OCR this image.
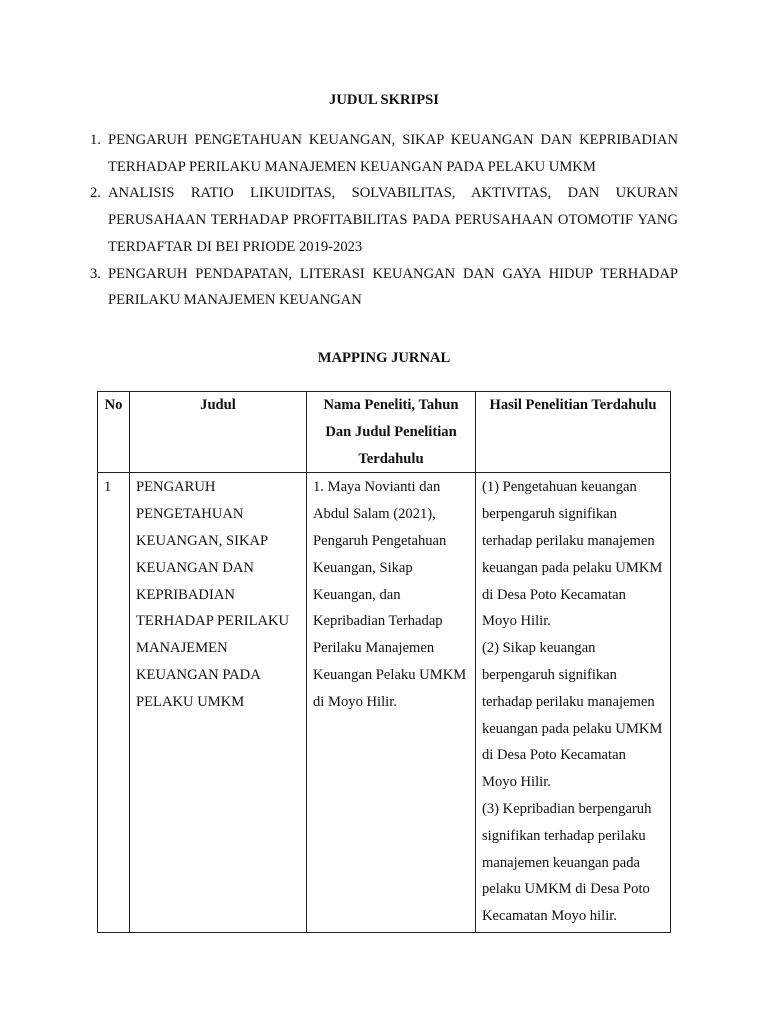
JUDUL SKRIPSI
1. PENGARUH PENGETAHUAN KEUANGAN, SIKAP KEUANGAN DAN KEPRIBADIAN TERHADAP PERILAKU MANAJEMEN KEUANGAN PADA PELAKU UMKM
2. ANALISIS RATIO LIKUIDITAS, SOLVABILITAS, AKTIVITAS, DAN UKURAN PERUSAHAAN TERHADAP PROFITABILITAS PADA PERUSAHAAN OTOMOTIF YANG TERDAFTAR DI BEI PRIODE 2019-2023
3. PENGARUH PENDAPATAN, LITERASI KEUANGAN DAN GAYA HIDUP TERHADAP PERILAKU MANAJEMEN KEUANGAN
MAPPING JURNAL
No	Judul	Nama Peneliti, Tahun Dan Judul Penelitian Terdahulu	Hasil Penelitian Terdahulu
1	PENGARUH PENGETAHUAN KEUANGAN, SIKAP KEUANGAN DAN KEPRIBADIAN TERHADAP PERILAKU MANAJEMEN KEUANGAN PADA PELAKU UMKM	1. Maya Novianti dan Abdul Salam (2021), Pengaruh Pengetahuan Keuangan, Sikap Keuangan, dan Kepribadian Terhadap Perilaku Manajemen Keuangan Pelaku UMKM di Moyo Hilir.	(1) Pengetahuan keuangan berpengaruh signifikan terhadap perilaku manajemen keuangan pada pelaku UMKM di Desa Poto Kecamatan Moyo Hilir.
(2) Sikap keuangan berpengaruh signifikan terhadap perilaku manajemen keuangan pada pelaku UMKM di Desa Poto Kecamatan Moyo Hilir.
(3) Kepribadian berpengaruh signifikan terhadap perilaku manajemen keuangan pada pelaku UMKM di Desa Poto Kecamatan Moyo hilir.
